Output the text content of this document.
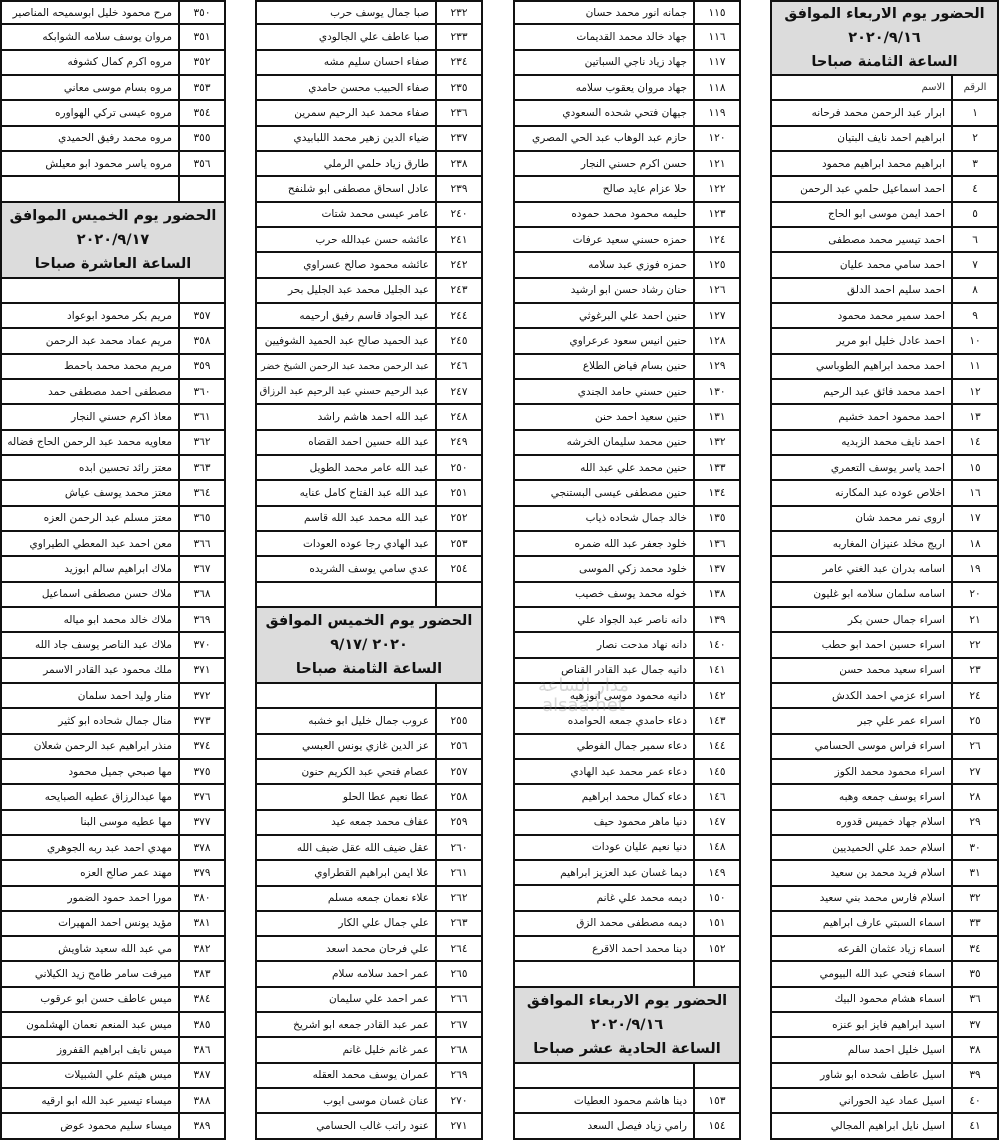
الحضور يوم الاربعاء الموافق
٢٠٢٠/٩/١٦
الساعة الثامنة صباحا
الرقم
الاسم
١
ابرار عبد الرحمن محمد فرحانه
٢
ابراهيم احمد نايف البتيان
٣
ابراهيم محمد ابراهيم محمود
٤
احمد اسماعيل حلمي عبد الرحمن
٥
احمد ايمن موسى ابو الحاج
٦
احمد تيسير محمد مصطفى
٧
احمد سامي محمد عليان
٨
احمد سليم احمد الدلق
٩
احمد سمير محمد محمود
١٠
احمد عادل خليل ابو مرير
١١
احمد محمد ابراهيم الطوباسي
١٢
احمد محمد فائق عبد الرحيم
١٣
احمد محمود احمد خشيم
١٤
احمد نايف محمد الزبديه
١٥
احمد ياسر يوسف التعمري
١٦
اخلاص عوده عبد المكارنه
١٧
اروى نمر محمد شان
١٨
اريج مخلد عنيزان المغاربه
١٩
اسامه بدران عبد الغني عامر
٢٠
اسامه سلمان سلامه ابو غليون
٢١
اسراء جمال حسن بكر
٢٢
اسراء حسين احمد ابو حطب
٢٣
اسراء سعيد محمد حسن
٢٤
اسراء عزمي احمد الكدش
٢٥
اسراء عمر علي جبر
٢٦
اسراء فراس موسى الحسامي
٢٧
اسراء محمود محمد الكوز
٢٨
اسراء يوسف جمعه وهبه
٢٩
اسلام جهاد خميس قدوره
٣٠
اسلام حمد علي الحميديين
٣١
اسلام فريد محمد بن سعيد
٣٢
اسلام فارس محمد بني سعيد
٣٣
اسماء السبتي عارف ابراهيم
٣٤
اسماء زياد عثمان القرعه
٣٥
اسماء فتحي عبد الله البيومي
٣٦
اسماء هشام محمود البيك
٣٧
اسيد ابراهيم فايز ابو عنزه
٣٨
اسيل خليل احمد سالم
٣٩
اسيل عاطف شحده ابو شاور
٤٠
اسيل عماد عيد الحوراني
٤١
اسيل نايل ابراهيم المجالي
١١٥
جمانه انور محمد حسان
١١٦
جهاد خالد محمد القديمات
١١٧
جهاد زياد ناجي السباتين
١١٨
جهاد مروان يعقوب سلامه
١١٩
جيهان فتحي شحده السعودي
١٢٠
حازم عبد الوهاب عبد الحي المصري
١٢١
حسن اكرم حسني النجار
١٢٢
حلا عزام عايد صالح
١٢٣
حليمه محمود محمد حموده
١٢٤
حمزه حسني سعيد عرفات
١٢٥
حمزه فوزي عبد سلامه
١٢٦
حنان رشاد حسن ابو ارشيد
١٢٧
حنين احمد علي البرغوثي
١٢٨
حنين انيس سعود عرعراوي
١٢٩
حنين بسام فياض الطلاع
١٣٠
حنين حسني حامد الجندي
١٣١
حنين سعيد احمد حنن
١٣٢
حنين محمد سليمان الخرشه
١٣٣
حنين محمد علي عبد الله
١٣٤
حنين مصطفى عيسى البستنجي
١٣٥
خالد جمال شحاده ذياب
١٣٦
خلود جعفر عبد الله ضمره
١٣٧
خلود محمد زكي الموسى
١٣٨
خوله محمد يوسف خصيب
١٣٩
دانه ناصر عبد الجواد علي
١٤٠
دانه نهاد مدحت نصار
١٤١
دانيه جمال عبد القادر القناص
١٤٢
دانيه محمود موسى ابوزهيه
١٤٣
دعاء حامدي جمعه الحوامده
١٤٤
دعاء سمير جمال الفوطي
١٤٥
دعاء عمر محمد عبد الهادي
١٤٦
دعاء كمال محمد ابراهيم
١٤٧
دنيا ماهر محمود حيف
١٤٨
دنيا نعيم عليان عودات
١٤٩
ديما غسان عبد العزيز ابراهيم
١٥٠
ديمه محمد علي غانم
١٥١
ديمه مصطفى محمد الزق
١٥٢
دينا محمد احمد الاقرع
الحضور يوم الاربعاء الموافق
٢٠٢٠/٩/١٦
الساعة الحادية عشر صباحا
١٥٣
دينا هاشم محمود العطيات
١٥٤
رامي زياد فيصل السعد
٢٣٢
صبا جمال يوسف حرب
٢٣٣
صبا عاطف علي الجالودي
٢٣٤
صفاء احسان سليم مشه
٢٣٥
صفاء الحبيب محسن حامدي
٢٣٦
صفاء محمد عبد الرحيم سمرين
٢٣٧
ضياء الدين زهير محمد اللبابيدي
٢٣٨
طارق زياد حلمي الرملي
٢٣٩
عادل اسحاق مصطفى ابو شلنفح
٢٤٠
عامر عيسى محمد شتات
٢٤١
عائشه حسن عبدالله حرب
٢٤٢
عائشه محمود صالح عسراوي
٢٤٣
عبد الجليل محمد عبد الجليل بحر
٢٤٤
عبد الجواد قاسم رفيق ارحيمه
٢٤٥
عبد الحميد صالح عبد الحميد الشوفيين
٢٤٦
عبد الرحمن محمد عبد الرحمن الشيخ خضر
٢٤٧
عبد الرحيم حسني عبد الرحيم عبد الرزاق
٢٤٨
عبد الله احمد هاشم راشد
٢٤٩
عبد الله حسين احمد القضاه
٢٥٠
عبد الله عامر محمد الطويل
٢٥١
عبد الله عبد الفتاح كامل عنايه
٢٥٢
عبد الله محمد عبد الله قاسم
٢٥٣
عبد الهادي رجا عوده العودات
٢٥٤
عدي سامي يوسف الشريده
الحضور يوم الخميس الموافق
٢٠٢٠ /٩/١٧
الساعة الثامنة صباحا
٢٥٥
عروب جمال خليل ابو خشبه
٢٥٦
عز الدين غازي يونس العبسي
٢٥٧
عصام فتحي عبد الكريم حنون
٢٥٨
عطا نعيم عطا الحلو
٢٥٩
عفاف محمد جمعه عيد
٢٦٠
عقل ضيف الله عقل ضيف الله
٢٦١
علا ايمن ابراهيم القطراوي
٢٦٢
علاء نعمان جمعه مسلم
٢٦٣
علي جمال علي الكار
٢٦٤
علي فرحان محمد اسعد
٢٦٥
عمر احمد سلامه سلام
٢٦٦
عمر احمد علي سليمان
٢٦٧
عمر عبد القادر جمعه ابو اشريخ
٢٦٨
عمر غانم خليل غانم
٢٦٩
عمران يوسف محمد العقله
٢٧٠
عنان غسان موسى ايوب
٢٧١
عنود راتب غالب الحسامي
٣٥٠
مرح محمود خليل ابوسميحه المناصير
٣٥١
مروان يوسف سلامه الشوابكه
٣٥٢
مروه اكرم كمال كشوفه
٣٥٣
مروه بسام موسى معاني
٣٥٤
مروه عيسى تركي الهواوره
٣٥٥
مروه محمد رفيق الحميدي
٣٥٦
مروه ياسر محمود ابو معيلش
الحضور يوم الخميس الموافق
٢٠٢٠/٩/١٧
الساعة العاشرة صباحا
٣٥٧
مريم بكر محمود ابوعواد
٣٥٨
مريم عماد محمد عبد الرحمن
٣٥٩
مريم محمد محمد باحمط
٣٦٠
مصطفى احمد مصطفى حمد
٣٦١
معاذ اكرم حسني النجار
٣٦٢
معاويه محمد عبد الرحمن الحاج فضاله
٣٦٣
معتز رائد تحسين ابده
٣٦٤
معتز محمد يوسف عياش
٣٦٥
معتز مسلم عبد الرحمن العزه
٣٦٦
معن احمد عبد المعطي الطيراوي
٣٦٧
ملاك ابراهيم سالم ابوزيد
٣٦٨
ملاك حسن مصطفى اسماعيل
٣٦٩
ملاك خالد محمد ابو مياله
٣٧٠
ملاك عبد الناصر يوسف جاد الله
٣٧١
ملك محمود عبد القادر الاسمر
٣٧٢
منار وليد احمد سلمان
٣٧٣
منال جمال شحاده ابو كثير
٣٧٤
منذر ابراهيم عبد الرحمن شعلان
٣٧٥
مها صبحي جميل محمود
٣٧٦
مها عبدالرزاق عطيه الصبايحه
٣٧٧
مها عطيه موسى البنا
٣٧٨
مهدي احمد عبد ربه الجوهري
٣٧٩
مهند عمر صالح العزه
٣٨٠
مورا احمد حمود الضمور
٣٨١
مؤيد يونس احمد المهيرات
٣٨٢
مي عبد الله سعيد شاويش
٣٨٣
ميرفت سامر طامح زيد الكيلاني
٣٨٤
ميس عاطف حسن ابو عرقوب
٣٨٥
ميس عبد المنعم نعمان الهشلمون
٣٨٦
ميس نايف ابراهيم القفروز
٣٨٧
ميس هيثم علي الشبيلات
٣٨٨
ميساء تيسير عبد الله ابو ارقيه
٣٨٩
ميساء سليم محمود عوض
مدار الساعة
alsaa.net
